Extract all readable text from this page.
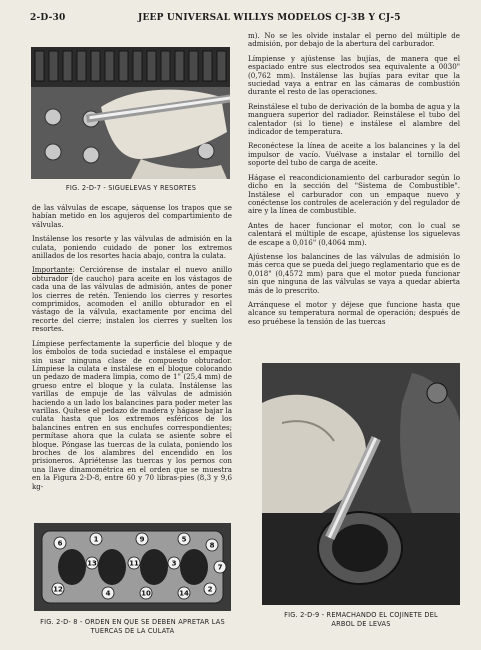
2-D-30	JEEP UNIVERSAL WILLYS MODELOS CJ-3B Y CJ-5
FIG. 2-D-7 - SIGUELEVAS Y RESORTES

de las válvulas de escape, sáquense los trapos que se habían metido en los agujeros del compartimiento de válvulas.

Instálense los resorte y las válvulas de admisión en la culata, poniendo cuidado de poner los extremos anillados de los resortes hacia abajo, contra la culata.

Importante: Cerciórense de instalar el nuevo anillo obturador (de caucho) para aceite en los vástagos de cada una de las válvulas de admisión, antes de poner los cierres de retén. Teniendo los cierres y resortes comprimidos, acomoden el anillo obturador en el vástago de la válvula, exactamente por encima del recorte del cierre; instalen los cierres y suelten los resortes.

Límpiese perfectamente la superficie del bloque y de los émbolos de toda suciedad e instálese el empaque sin usar ninguna clase de compuesto obturador. Límpiese la culata e instálese en el bloque colocando un pedazo de madera limpia, como de 1" (25,4 mm) de grueso entre el bloque y la culata. Instálense las varillas de empuje de las válvulas de admisión haciendo a un lado los balancines para poder meter las varillas. Quítese el pedazo de madera y hágase bajar la culata hasta que los extremos esféricos de los balancines entren en sus enchufes correspondientes; permítase ahora que la culata se asiente sobre el bloque. Póngase las tuercas de la culata, poniendo los broches de los alambres del encendido en los prisioneros. Apriétense las tuercas y los pernos con una llave dinamométrica en el orden que se muestra en la Figura 2-D-8, entre 60 y 70 libras-pies (8,3 y 9,6 kg-

9	5
1
6	8
13	11	3
4	10	14
12	2
7
FIG. 2-D- 8 - ORDEN EN QUE SE DEBEN APRETAR LAS
TUERCAS DE LA CULATA

m). No se les olvide instalar el perno del múltiple de admisión, por debajo de la abertura del carburador.

Límpiense y ajústense las bujías, de manera que el espaciado entre sus electrodos sea equivalente a 0030" (0,762 mm). Instálense las bujías para evitar que la suciedad vaya a entrar en las cámaras de combustión durante el resto de las operaciones.

Reinstálese el tubo de derivación de la bomba de agua y la manguera superior del radiador. Reinstálese el tubo del calentador (si lo tiene) e instálese el alambre del indicador de temperatura.

Reconéctese la línea de aceite a los balancines y la del impulsor de vacío. Vuélvase a instalar el tornillo del soporte del tubo de carga de aceite.

Hágase el reacondicionamiento del carburador según lo dicho en la sección del "Sistema de Combustible". Instálese el carburador con un empaque nuevo y conéctense los controles de aceleración y del regulador de aire y la línea de combustible.

Antes de hacer funcionar el motor, con lo cual se calentará el múltiple de escape, ajústense los siguelevas de escape a 0,016" (0,4064 mm).

Ajústense los balancines de las válvulas de admisión lo más cerca que se pueda del juego reglamentario que es de 0,018" (0,4572 mm) para que el motor pueda funcionar sin que ninguna de las válvulas se vaya a quedar abierta más de lo prescrito.

Arránquese el motor y déjese que funcione hasta que alcance su temperatura normal de operación; después de eso pruébese la tensión de las tuercas

FIG. 2-D-9 - REMACHANDO EL COJINETE DEL
ARBOL DE LEVAS
